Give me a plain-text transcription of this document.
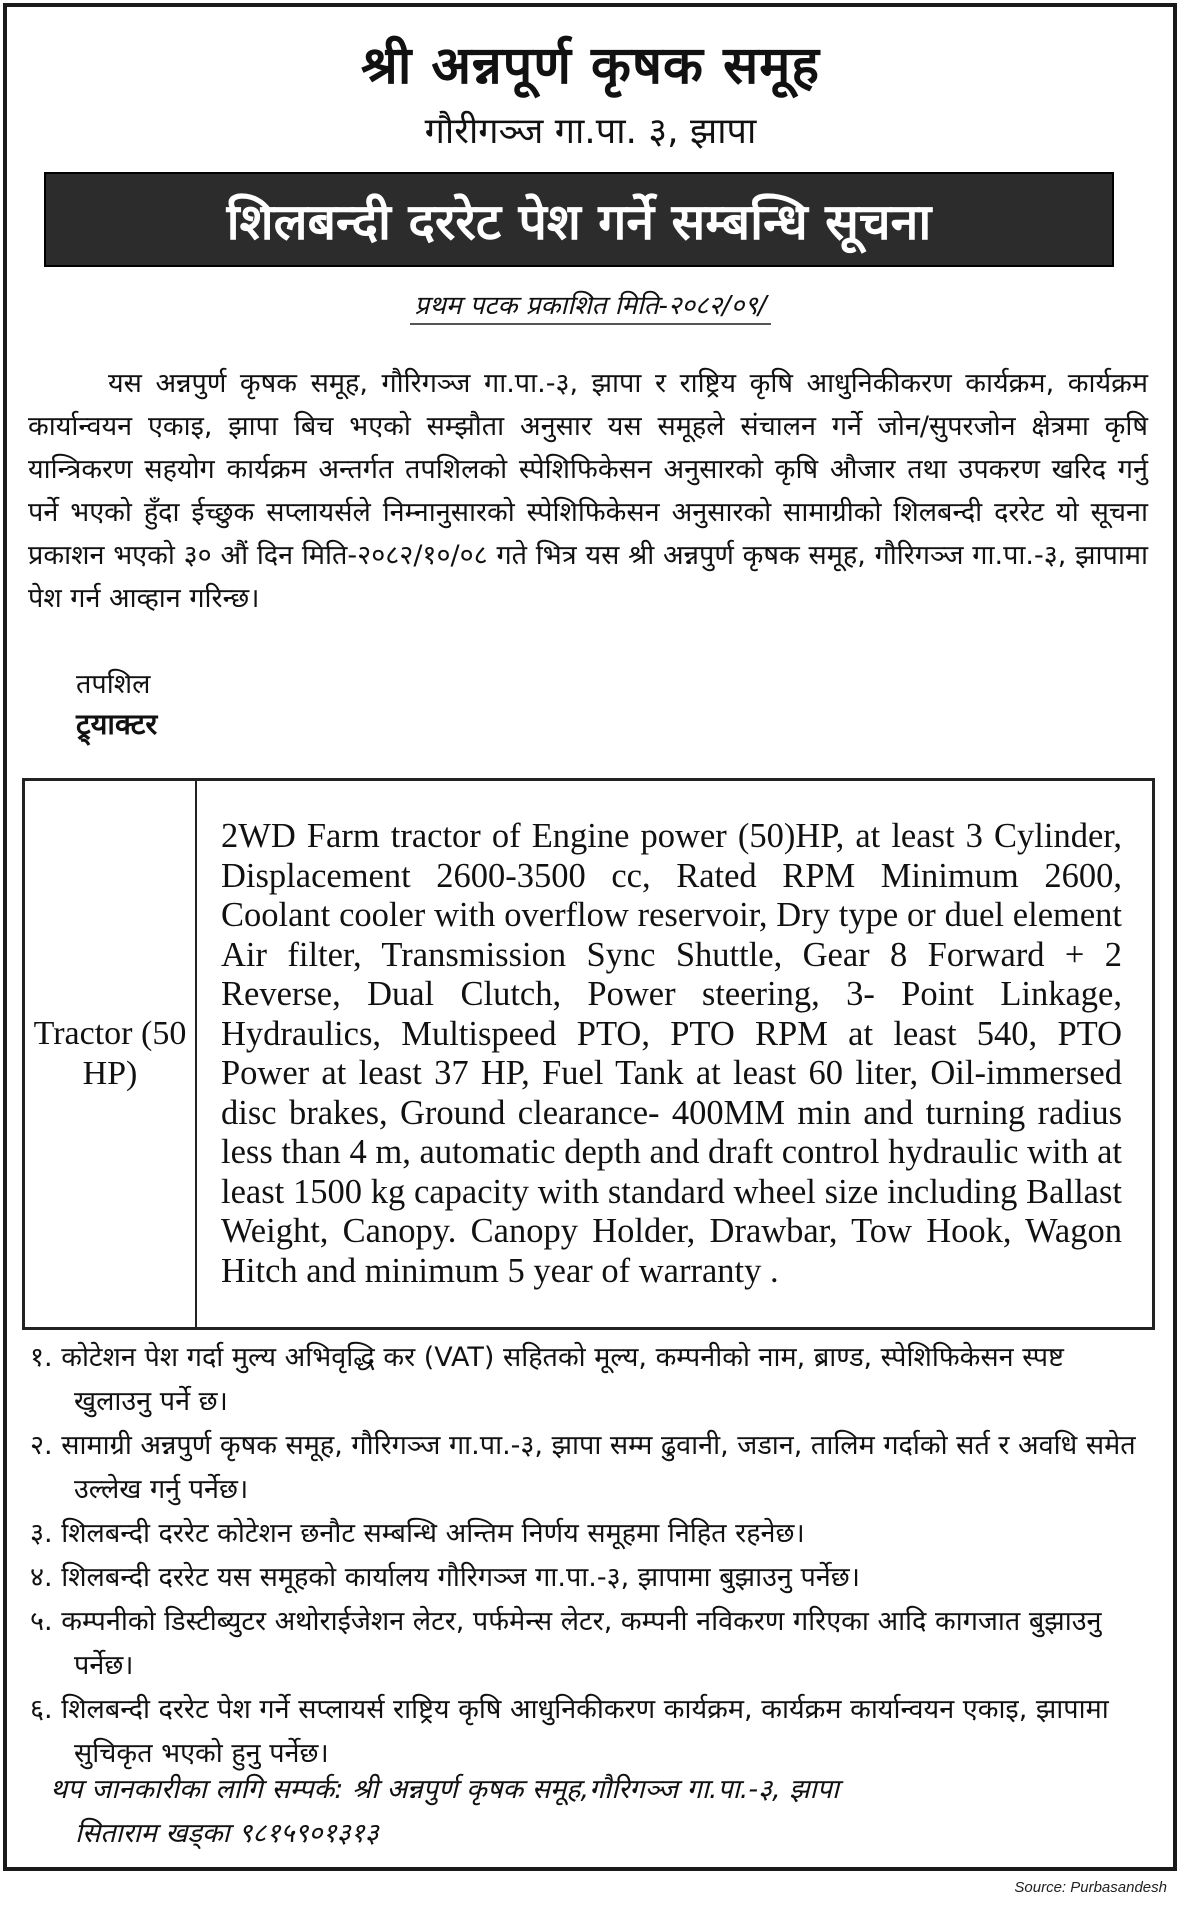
श्री अन्नपूर्ण कृषक समूह
गौरीगञ्ज गा.पा. ३, झापा
शिलबन्दी दररेट पेश गर्ने सम्बन्धि सूचना
प्रथम पटक प्रकाशित मिति-२०८२/०९/
यस अन्नपुर्ण कृषक समूह, गौरिगञ्ज गा.पा.-३, झापा र राष्ट्रिय कृषि आधुनिकीकरण कार्यक्रम, कार्यक्रम कार्यान्वयन एकाइ, झापा बिच भएको सम्झौता अनुसार यस समूहले संचालन गर्ने जोन/सुपरजोन क्षेत्रमा कृषि यान्त्रिकरण सहयोग कार्यक्रम अन्तर्गत तपशिलको स्पेशिफिकेसन अनुसारको कृषि औजार तथा उपकरण खरिद गर्नु पर्ने भएको हुँदा ईच्छुक सप्लायर्सले निम्नानुसारको स्पेशिफिकेसन अनुसारको सामाग्रीको शिलबन्दी दररेट यो सूचना प्रकाशन भएको ३० औं दिन मिति-२०८२/१०/०८ गते भित्र यस श्री अन्नपुर्ण कृषक समूह, गौरिगञ्ज गा.पा.-३, झापामा पेश गर्न आव्हान गरिन्छ।
तपशिल
ट्र्याक्टर
Tractor (50 HP)	2WD Farm tractor of Engine power (50)HP, at least 3 Cylinder, Displacement 2600-3500 cc, Rated RPM Minimum 2600, Coolant cooler with overflow reservoir, Dry type or duel element Air filter, Transmission Sync Shuttle, Gear 8 Forward + 2 Reverse, Dual Clutch, Power steering, 3- Point Linkage, Hydraulics, Multispeed PTO, PTO RPM at least 540, PTO Power at least 37 HP, Fuel Tank at least 60 liter, Oil-immersed disc brakes, Ground clearance- 400MM min and turning radius less than 4 m, automatic depth and draft control hydraulic with at least 1500 kg capacity with standard wheel size including Ballast Weight, Canopy. Canopy Holder, Drawbar, Tow Hook, Wagon Hitch and minimum 5 year of warranty .
१. कोटेशन पेश गर्दा मुल्य अभिवृद्धि कर (VAT) सहितको मूल्य, कम्पनीको नाम, ब्राण्ड, स्पेशिफिकेसन स्पष्ट खुलाउनु पर्ने छ।
२. सामाग्री अन्नपुर्ण कृषक समूह, गौरिगञ्ज गा.पा.-३, झापा सम्म ढुवानी, जडान, तालिम गर्दाको सर्त र अवधि समेत उल्लेख गर्नु पर्नेछ।
३. शिलबन्दी दररेट कोटेशन छनौट सम्बन्धि अन्तिम निर्णय समूहमा निहित रहनेछ।
४. शिलबन्दी दररेट यस समूहको कार्यालय गौरिगञ्ज गा.पा.-३, झापामा बुझाउनु पर्नेछ।
५. कम्पनीको डिस्टीब्युटर अथोराईजेशन लेटर, पर्फमेन्स लेटर, कम्पनी नविकरण गरिएका आदि कागजात बुझाउनु पर्नेछ।
६. शिलबन्दी दररेट पेश गर्ने सप्लायर्स राष्ट्रिय कृषि आधुनिकीकरण कार्यक्रम, कार्यक्रम कार्यान्वयन एकाइ, झापामा सुचिकृत भएको हुनु पर्नेछ।
थप जानकारीका लागि सम्पर्क: श्री अन्नपुर्ण कृषक समूह,गौरिगञ्ज गा.पा.-३, झापा
सिताराम खड्का ९८१५९०१३१३
Source: Purbasandesh
